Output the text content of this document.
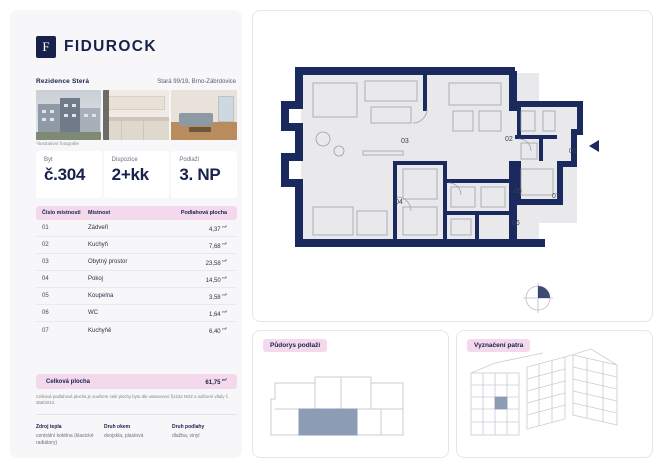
F FIDUROCK
Rezidence Sterá	Stará 99/19, Brno-Zábrdovice
*ilustrativní fotografie
Byt
č.304
Dispozice
2+kk
Podlaží
3. NP
Číslo místnosti	Místnost	Podlahová plocha
01	Zádveří	4,37 $^{m^2}$
02	Kuchyň	7,68 $^{m^2}$
03	Obytný prostor	23,58 $^{m^2}$
04	Pokoj	14,50 $^{m^2}$
05	Koupelna	3,58 $^{m^2}$
06	WC	1,64 $^{m^2}$
07	Kuchyňě	6,40 $^{m^2}$
Celková plocha	61,75 $^{m^2}$
Celková podlahová plocha je součtem celé plochy bytu dle ustanovení §1222 NOZ a nařízení vlády č. 366/2013.
Zdroj tepla
centrální kotélna (klasické radiátory)
Druh okem
dvojskla, plastová
Druh podlahy
dlažba, vinyl
03	02
01
04
05
06
07
Půdorys podlaží	Vyznačení patra
